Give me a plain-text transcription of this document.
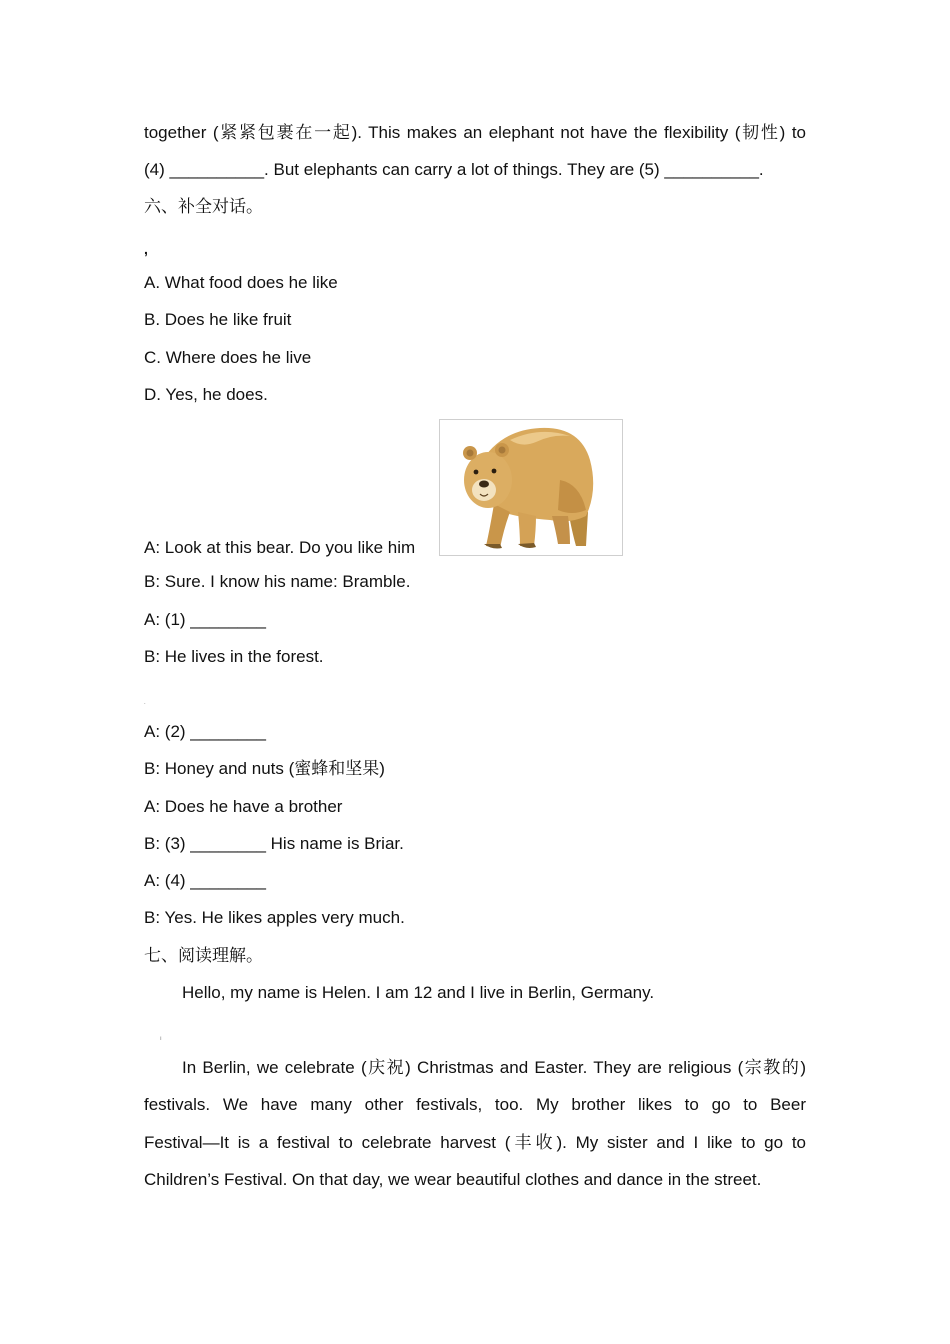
together (紧紧包裹在一起). This makes an elephant not have the flexibility (韧性) to
(4) __________. But elephants can carry a lot of things. They are (5) __________.
六、补全对话。
,
A. What food does he like
B. Does he like fruit
C. Where does he live
D. Yes, he does.
A: Look at this bear. Do you like him
B: Sure. I know his name: Bramble.
A: (1) ________
B: He lives in the forest.
.
A: (2) ________
B: Honey and nuts (蜜蜂和坚果)
A: Does he have a brother
B: (3) ________ His name is Briar.
A: (4) ________
B: Yes. He likes apples very much.
七、阅读理解。
Hello, my name is Helen. I am 12 and I live in Berlin, Germany.
ı
In Berlin, we celebrate (庆祝) Christmas and Easter. They are religious (宗教的)
festivals. We have many other festivals, too. My brother likes to go to Beer
Festival—It is a festival to celebrate harvest (丰收). My sister and I like to go to
Children’s Festival. On that day, we wear beautiful clothes and dance in the street.
